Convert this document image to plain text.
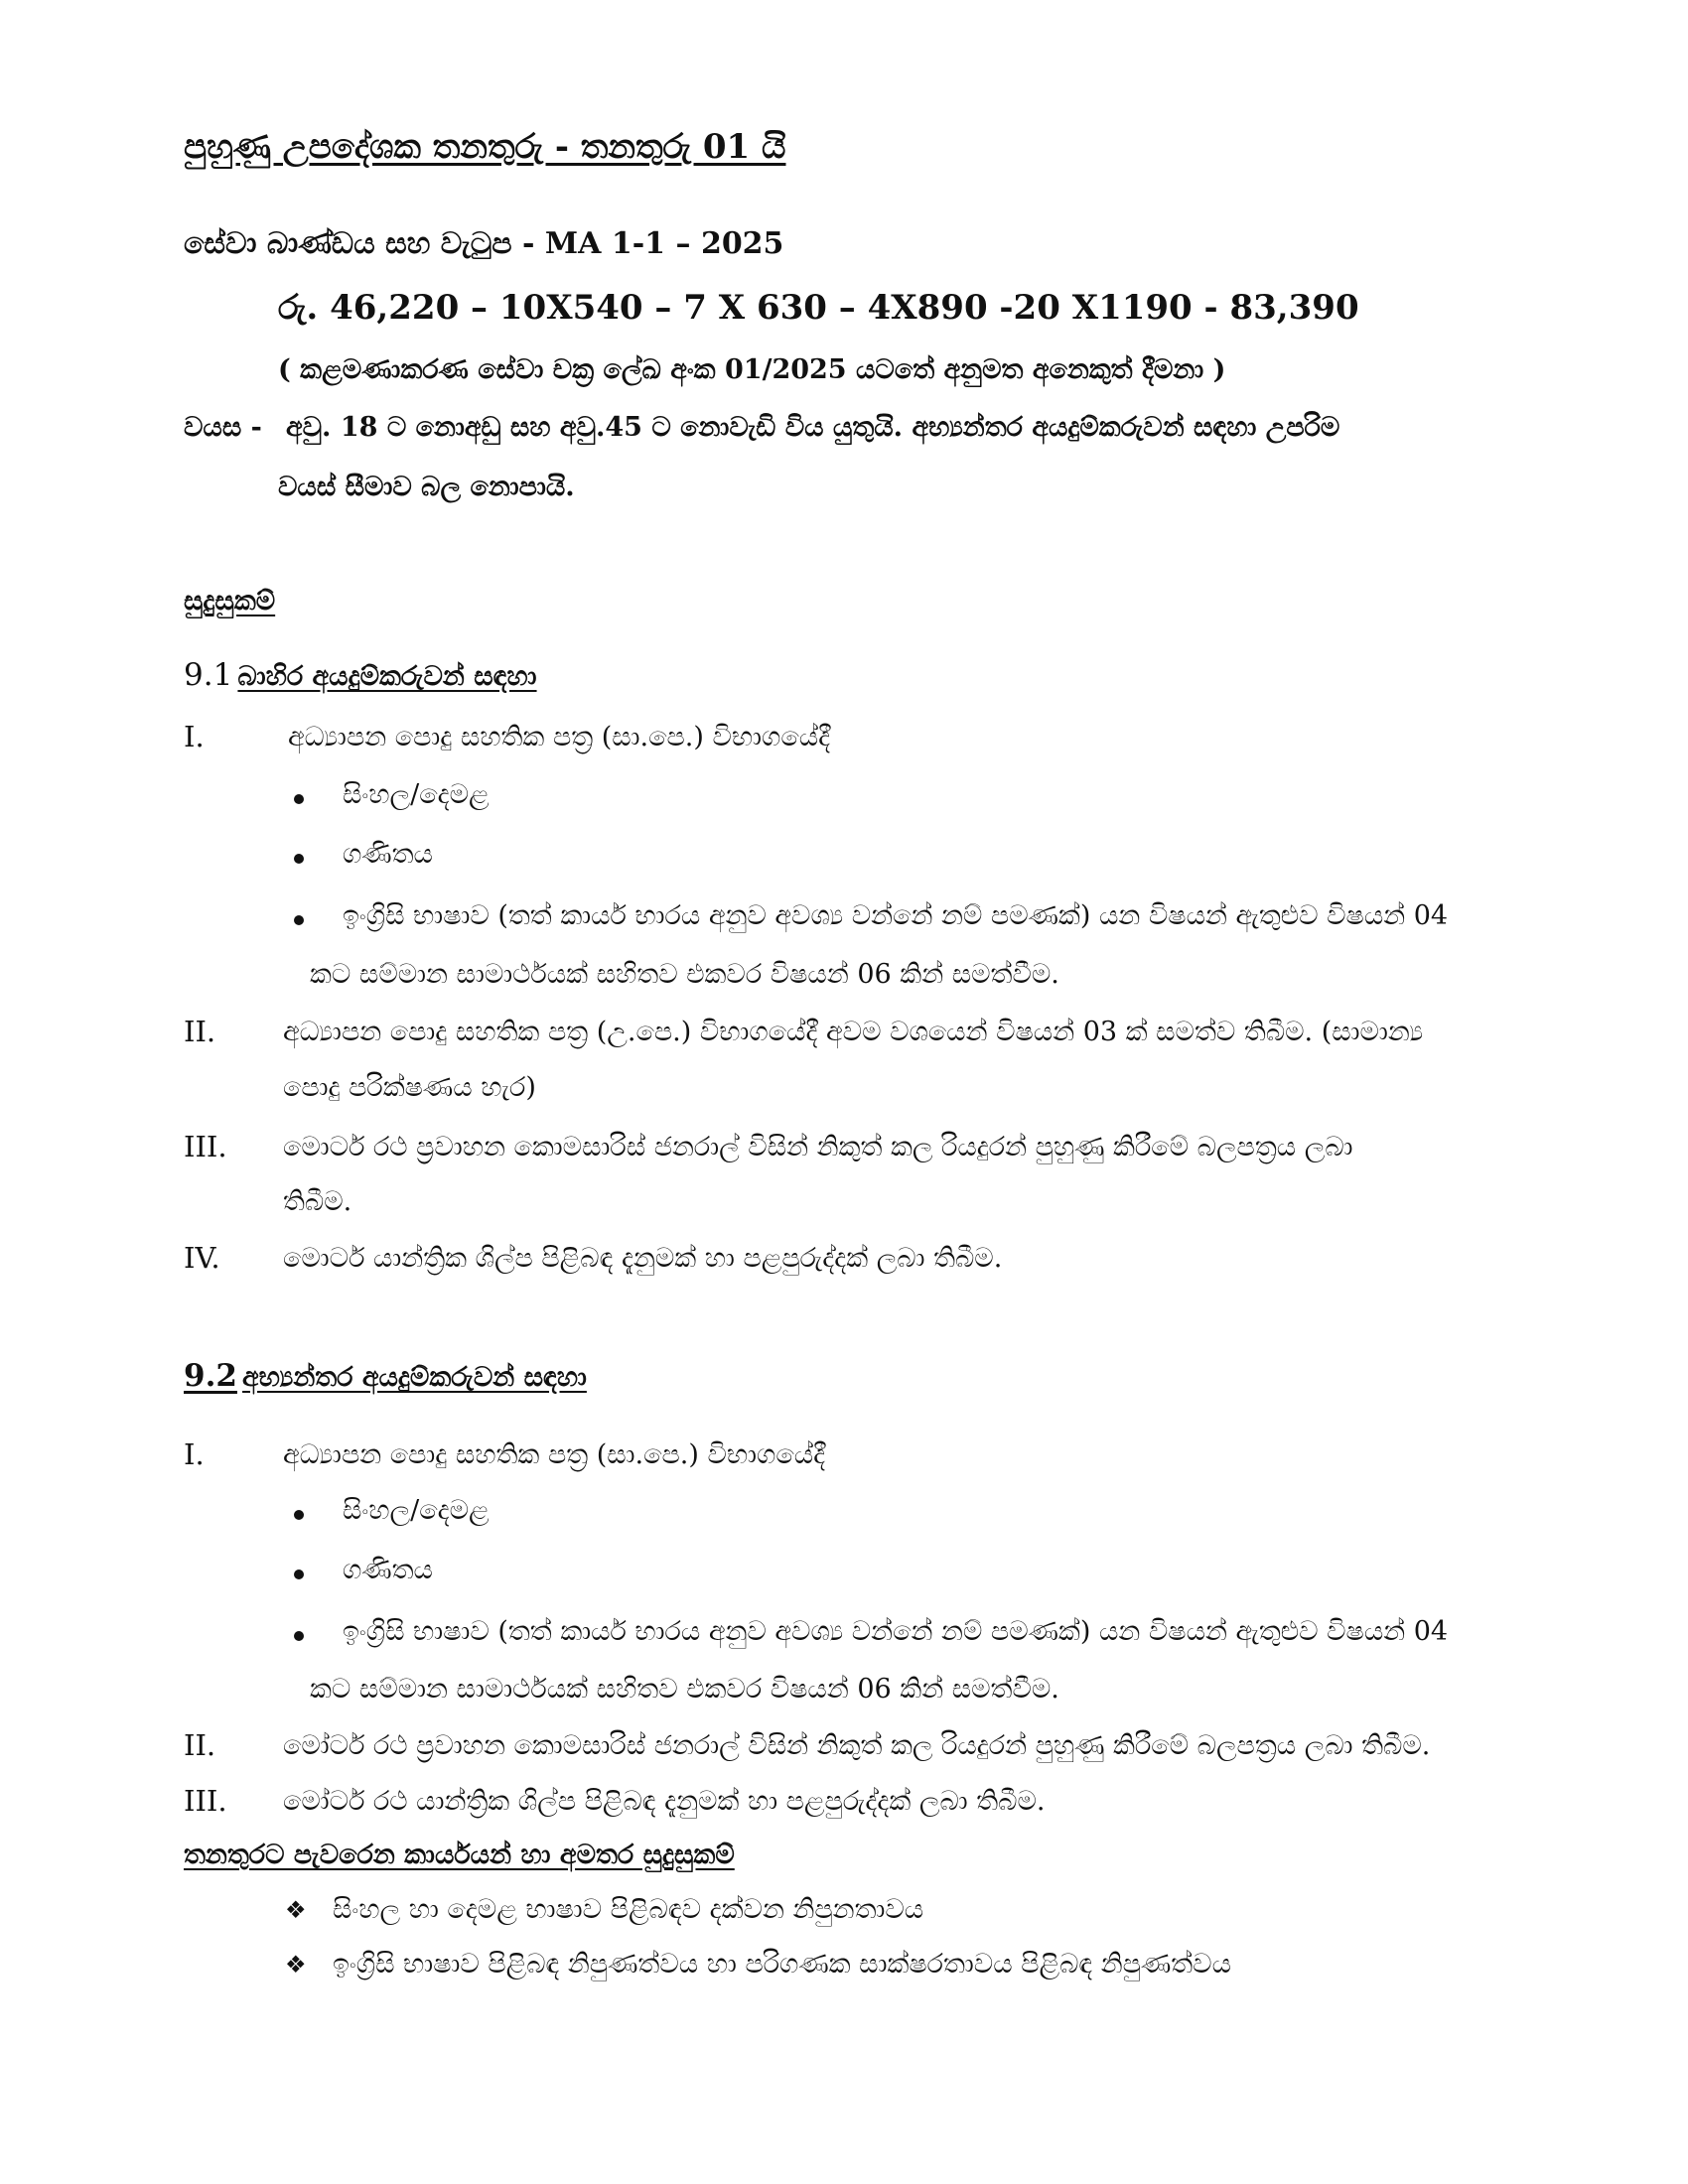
පුහුණු උපදේශක තනතුරු - තනතුරු 01 යි
සේවා බාණ්ඩය සහ වැටුප - MA 1-1 – 2025
රු. 46,220 – 10X540 – 7 X 630 – 4X890 -20 X1190 - 83,390
( කළමණාකරණ සේවා චක්‍ර ලේඛ අංක 01/2025 යටතේ අනුමත අනෙකුත් දීමනා )
වයස - අවු. 18 ට නොඅඩු සහ අවු.45 ට නොවැඩි විය යුතුයි. අභ්‍යන්තර අයදුම්කරුවන් සඳහා උපරිම
වයස් සීමාව බල නොපායි.
සුදුසුකම්
9.1 බාහිර අයදුම්කරුවන් සඳහා
I.	අධ්‍යාපන පොදු සහතික පත්‍ර (සා.පෙ.) විභාගයේදී
සිංහල/දෙමළ
ගණිතය
ඉංග්‍රිසි භාෂාව (තත් කාර්ය භාරය අනුව අවශ්‍ය වන්නේ නම් පමණක්) යන විෂයන් ඇතුළුව විෂයන් 04
කට සම්මාන සාමාර්ථයක් සහිතව එකවර විෂයන් 06 කින් සමත්වීම.
II.	අධ්‍යාපන පොදු සහතික පත්‍ර (උ.පෙ.) විභාගයේදී අවම වශයෙන් විෂයන් 03 ක් සමත්ව තිබීම. (සාමාන්‍ය
පොදු පරික්ෂණය හැර)
III. මොටර් රථ ප්‍රවාහන කොමසාරිස් ජනරාල් විසින් නිකුත් කල රියදුරන් පුහුණු කිරීමේ බලපත්‍රය ලබා
තිබීම.
IV. මොටර් යාන්ත්‍රික ශිල්ප පිළිබඳ දැනුමක් හා පළපුරුද්දක් ලබා තිබීම.
9.2 අභ්‍යන්තර අයදුම්කරුවන් සඳහා
I.	අධ්‍යාපන පොදු සහතික පත්‍ර (සා.පෙ.) විභාගයේදී
සිංහල/දෙමළ
ගණිතය
ඉංග්‍රිසි භාෂාව (තත් කාර්ය භාරය අනුව අවශ්‍ය වන්නේ නම් පමණක්) යන විෂයන් ඇතුළුව විෂයන් 04
කට සම්මාන සාමාර්ථයක් සහිතව එකවර විෂයන් 06 කින් සමත්වීම.
II.	මෝටර් රථ ප්‍රවාහන කොමසාරිස් ජනරාල් විසින් නිකුත් කල රියදුරන් පුහුණු කිරීමේ බලපත්‍රය ලබා තිබීම.
III. මෝටර් රථ යාන්ත්‍රික ශිල්ප පිළිබඳ දැනුමක් හා පළපුරුද්දක් ලබා තිබීම.
තනතුරට පැවරෙන කාර්යයන් හා අමතර සුදුසුකම්
❖ සිංහල හා දෙමළ භාෂාව පිළිබඳව දක්වන නිපුනතාවය
❖ ඉංග්‍රිසි භාෂාව පිළිබඳ නිපුණත්වය හා පරිගණක සාක්ෂරතාවය පිළිබඳ නිපුණත්වය
